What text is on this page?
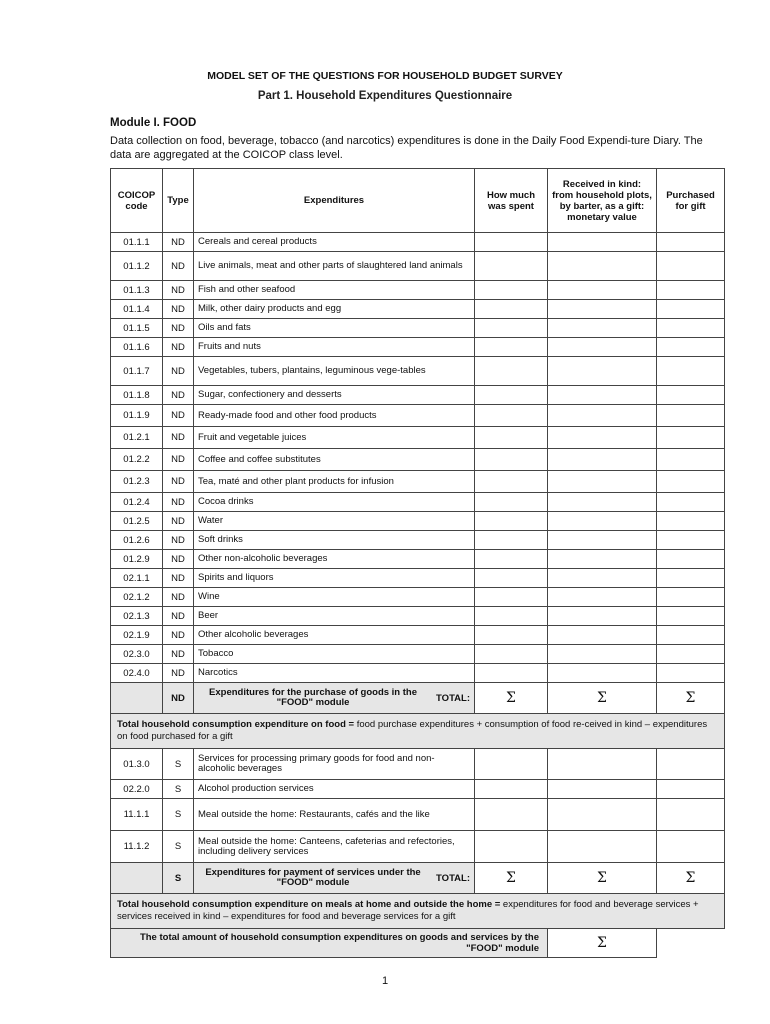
MODEL SET OF THE QUESTIONS FOR HOUSEHOLD BUDGET SURVEY
Part 1. Household Expenditures Questionnaire
Module I. FOOD
Data collection on food, beverage, tobacco (and narcotics) expenditures is done in the Daily Food Expendi-ture Diary. The data are aggregated at the COICOP class level.
COICOP code	Type	Expenditures	How much was spent	Received in kind: from household plots, by barter, as a gift: monetary value	Purchased for gift
01.1.1	ND	Cereals and cereal products			
01.1.2	ND	Live animals, meat and other parts of slaughtered land animals			
01.1.3	ND	Fish and other seafood			
01.1.4	ND	Milk, other dairy products and egg			
01.1.5	ND	Oils and fats			
01.1.6	ND	Fruits and nuts			
01.1.7	ND	Vegetables, tubers, plantains, leguminous vege-tables			
01.1.8	ND	Sugar, confectionery and desserts			
01.1.9	ND	Ready-made food and other food products			
01.2.1	ND	Fruit and vegetable juices			
01.2.2	ND	Coffee and coffee substitutes			
01.2.3	ND	Tea, maté and other plant products for infusion			
01.2.4	ND	Cocoa drinks			
01.2.5	ND	Water			
01.2.6	ND	Soft drinks			
01.2.9	ND	Other non-alcoholic beverages			
02.1.1	ND	Spirits and liquors			
02.1.2	ND	Wine			
02.1.3	ND	Beer			
02.1.9	ND	Other alcoholic beverages			
02.3.0	ND	Tobacco			
02.4.0	ND	Narcotics			
	ND	Expenditures for the purchase of goods in the "FOOD" module TOTAL:	Σ	Σ	Σ
Total household consumption expenditure on food = food purchase expenditures + consumption of food re-ceived in kind – expenditures on food purchased for a gift					
01.3.0	S	Services for processing primary goods for food and non-alcoholic beverages			
02.2.0	S	Alcohol production services			
11.1.1	S	Meal outside the home: Restaurants, cafés and the like			
11.1.2	S	Meal outside the home: Canteens, cafeterias and refectories, including delivery services			
	S	Expenditures for payment of services under the "FOOD" module TOTAL:	Σ	Σ	Σ
Total household consumption expenditure on meals at home and outside the home = expenditures for food and beverage services + services received in kind – expenditures for food and beverage services for a gift					
The total amount of household consumption expenditures on goods and services by the "FOOD" module				Σ	
1
